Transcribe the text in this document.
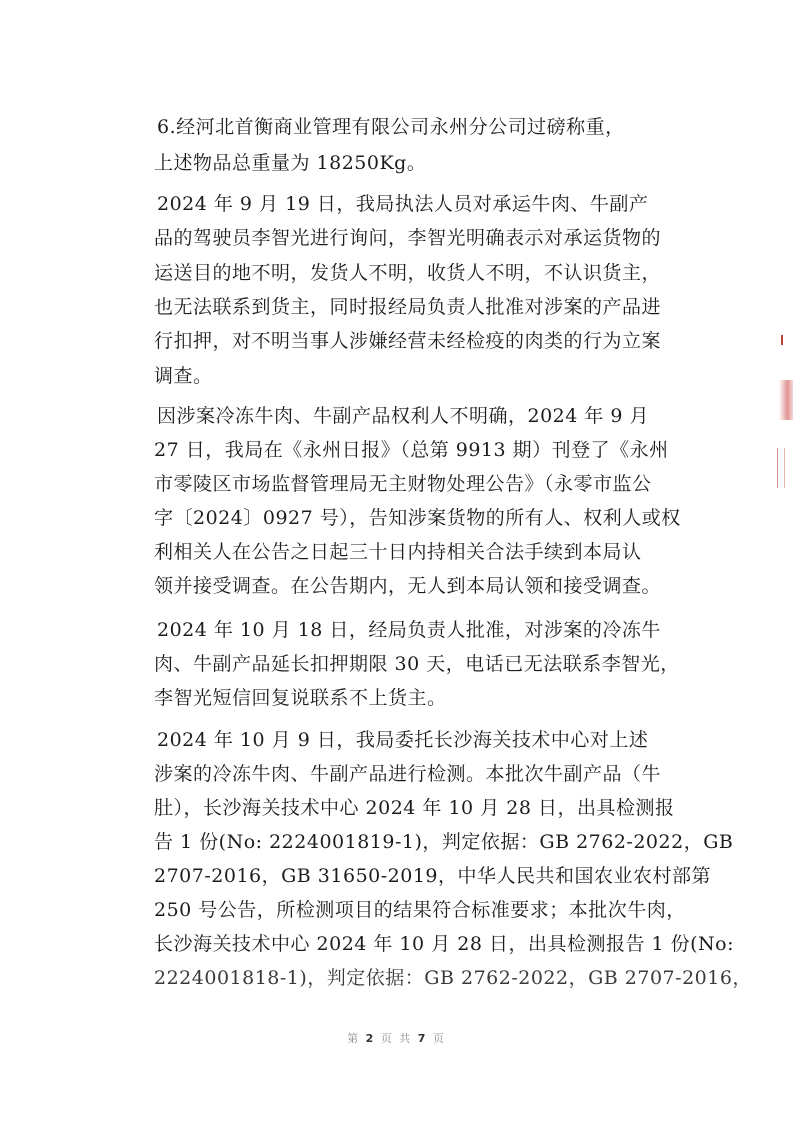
6.经河北首衡商业管理有限公司永州分公司过磅称重，
上述物品总重量为 18250Kg。
2024 年 9 月 19 日，我局执法人员对承运牛肉、牛副产
品的驾驶员李智光进行询问，李智光明确表示对承运货物的
运送目的地不明，发货人不明，收货人不明，不认识货主，
也无法联系到货主，同时报经局负责人批准对涉案的产品进
行扣押，对不明当事人涉嫌经营未经检疫的肉类的行为立案
调查。
因涉案冷冻牛肉、牛副产品权利人不明确，2024 年 9 月
27 日，我局在《永州日报》（总第 9913 期）刊登了《永州
市零陵区市场监督管理局无主财物处理公告》（永零市监公
字〔2024〕0927 号），告知涉案货物的所有人、权利人或权
利相关人在公告之日起三十日内持相关合法手续到本局认
领并接受调查。在公告期内，无人到本局认领和接受调查。
2024 年 10 月 18 日，经局负责人批准，对涉案的冷冻牛
肉、牛副产品延长扣押期限 30 天，电话已无法联系李智光，
李智光短信回复说联系不上货主。
2024 年 10 月 9 日，我局委托长沙海关技术中心对上述
涉案的冷冻牛肉、牛副产品进行检测。本批次牛副产品（牛
肚），长沙海关技术中心 2024 年 10 月 28 日，出具检测报
告 1 份(No: 2224001819-1)，判定依据：GB 2762-2022，GB
2707-2016，GB 31650-2019，中华人民共和国农业农村部第
250 号公告，所检测项目的结果符合标准要求；本批次牛肉，
长沙海关技术中心 2024 年 10 月 28 日，出具检测报告 1 份(No:
2224001818-1)，判定依据：GB 2762-2022，GB 2707-2016，
第 2 页 共 7 页
